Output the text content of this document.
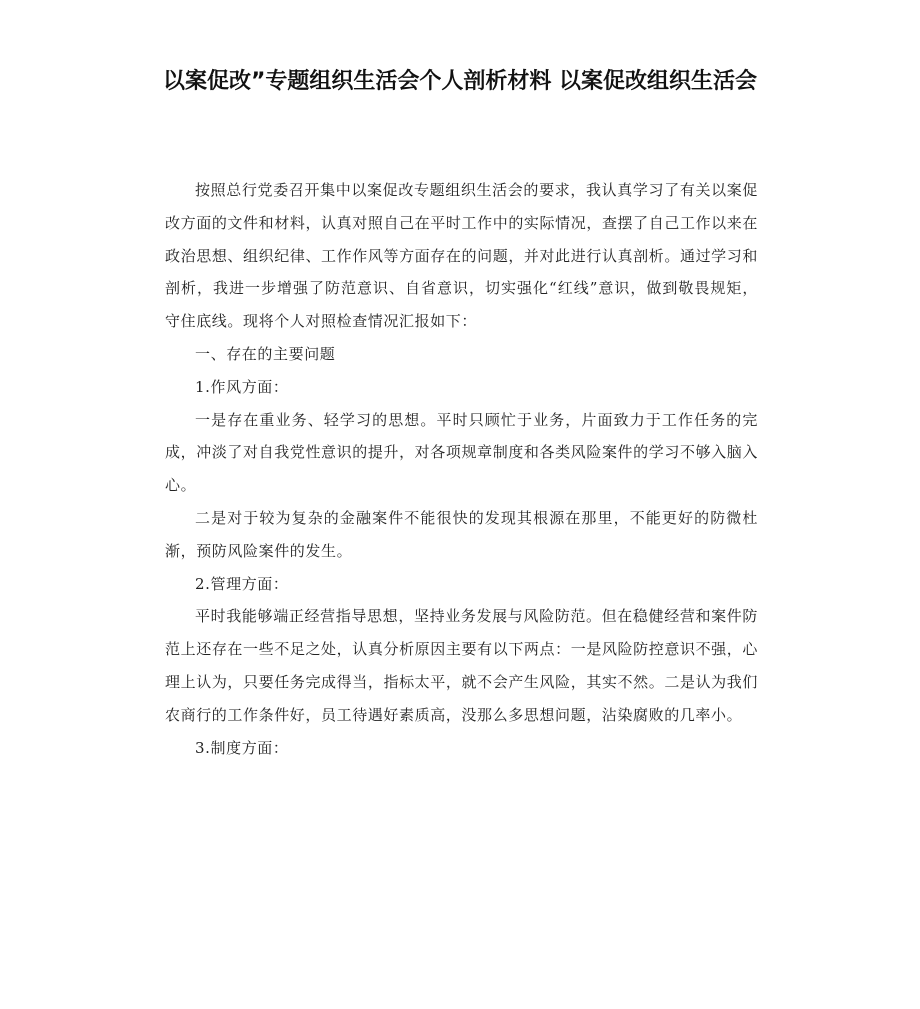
以案促改”专题组织生活会个人剖析材料 以案促改组织生活会

按照总行党委召开集中以案促改专题组织生活会的要求，我认真学习了有关以案促改方面的文件和材料，认真对照自己在平时工作中的实际情况，查摆了自己工作以来在政治思想、组织纪律、工作作风等方面存在的问题，并对此进行认真剖析。通过学习和剖析，我进一步增强了防范意识、自省意识，切实强化“红线”意识，做到敬畏规矩，守住底线。现将个人对照检查情况汇报如下：

一、存在的主要问题

1.作风方面：

一是存在重业务、轻学习的思想。平时只顾忙于业务，片面致力于工作任务的完成，冲淡了对自我党性意识的提升，对各项规章制度和各类风险案件的学习不够入脑入心。

二是对于较为复杂的金融案件不能很快的发现其根源在那里，不能更好的防微杜渐，预防风险案件的发生。

2.管理方面：

平时我能够端正经营指导思想，坚持业务发展与风险防范。但在稳健经营和案件防范上还存在一些不足之处，认真分析原因主要有以下两点：一是风险防控意识不强，心理上认为，只要任务完成得当，指标太平，就不会产生风险，其实不然。二是认为我们农商行的工作条件好，员工待遇好素质高，没那么多思想问题，沾染腐败的几率小。

3.制度方面：
